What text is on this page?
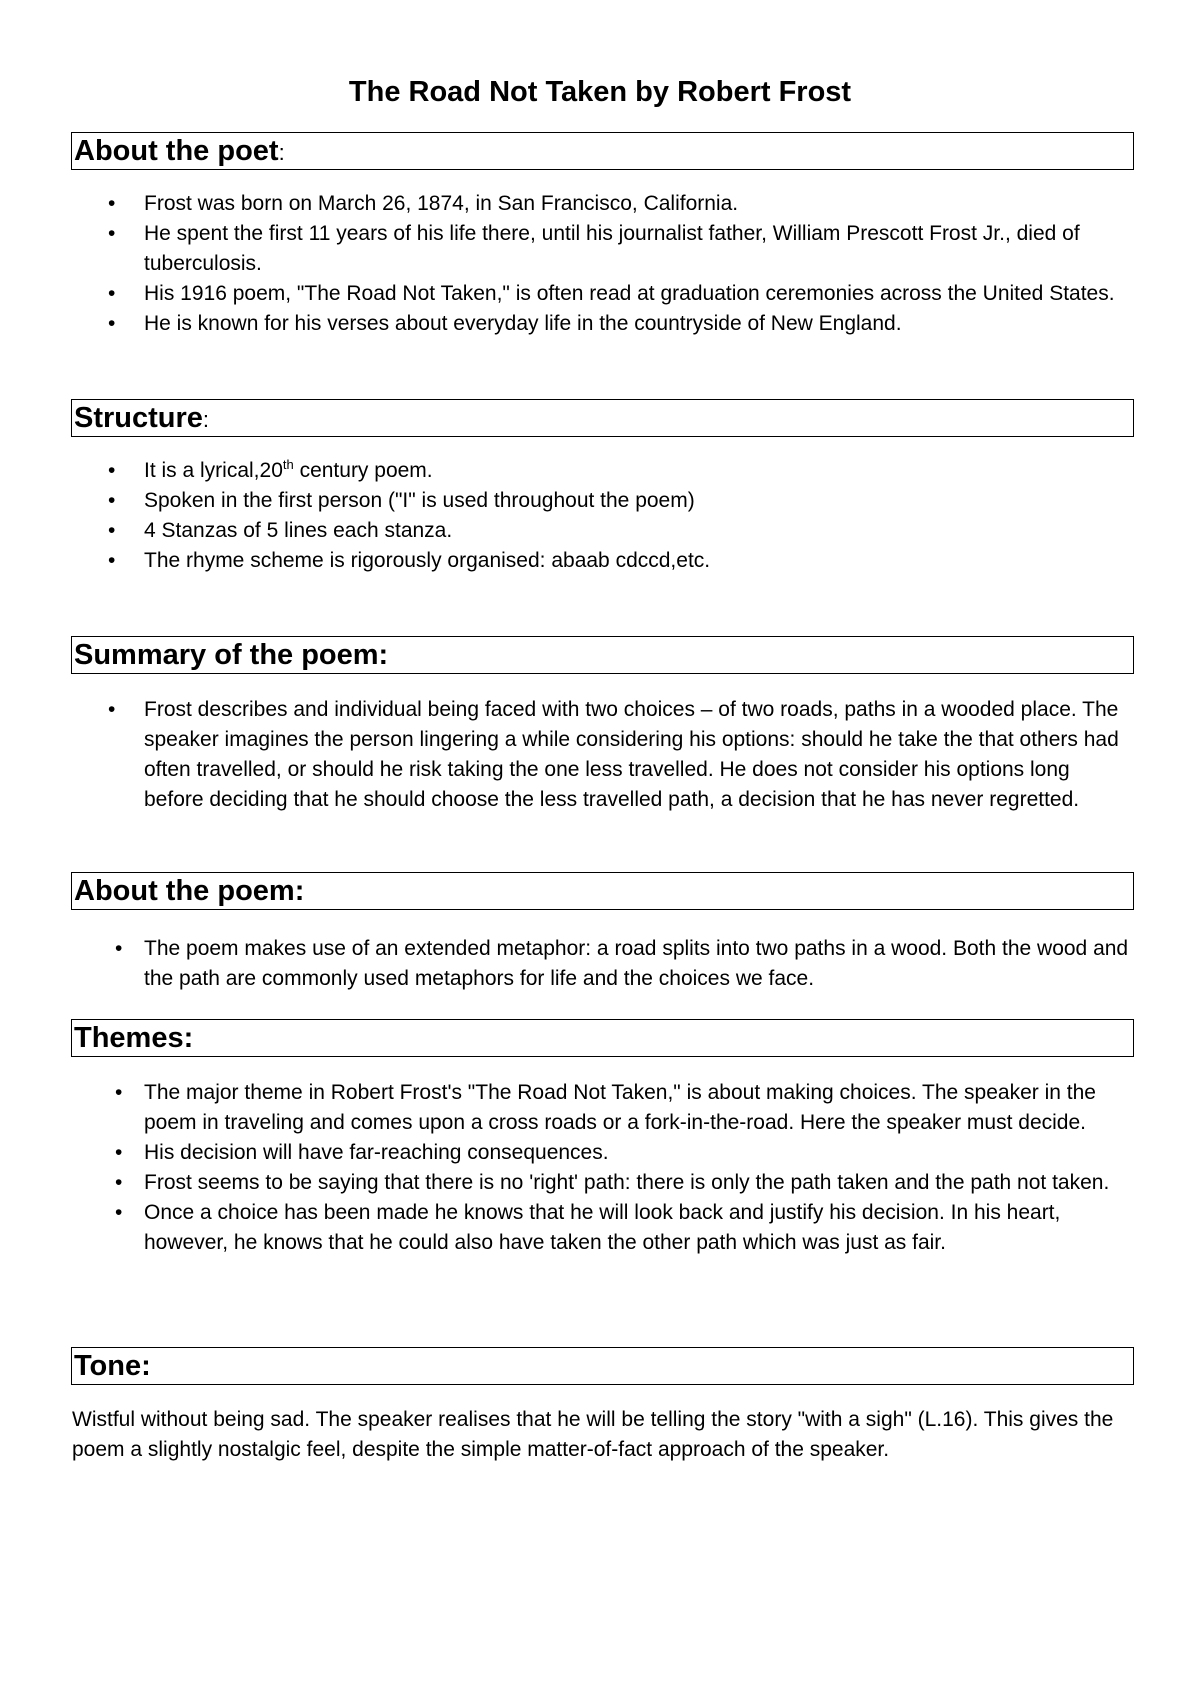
The Road Not Taken by Robert Frost
About the poet:
• Frost was born on March 26, 1874, in San Francisco, California.
• He spent the first 11 years of his life there, until his journalist father, William Prescott Frost Jr., died of tuberculosis.
• His 1916 poem, "The Road Not Taken," is often read at graduation ceremonies across the United States.
• He is known for his verses about everyday life in the countryside of New England.
Structure:
• It is a lyrical,20th century poem.
• Spoken in the first person ("I" is used throughout the poem)
• 4 Stanzas of 5 lines each stanza.
• The rhyme scheme is rigorously organised: abaab cdccd,etc.
Summary of the poem:
• Frost describes and individual being faced with two choices – of two roads, paths in a wooded place. The speaker imagines the person lingering a while considering his options: should he take the that others had often travelled, or should he risk taking the one less travelled. He does not consider his options long before deciding that he should choose the less travelled path, a decision that he has never regretted.
About the poem:
• The poem makes use of an extended metaphor: a road splits into two paths in a wood. Both the wood and the path are commonly used metaphors for life and the choices we face.
Themes:
• The major theme in Robert Frost's "The Road Not Taken," is about making choices. The speaker in the poem in traveling and comes upon a cross roads or a fork-in-the-road. Here the speaker must decide.
• His decision will have far-reaching consequences.
• Frost seems to be saying that there is no 'right' path: there is only the path taken and the path not taken.
• Once a choice has been made he knows that he will look back and justify his decision. In his heart, however, he knows that he could also have taken the other path which was just as fair.
Tone:
Wistful without being sad. The speaker realises that he will be telling the story "with a sigh" (L.16). This gives the poem a slightly nostalgic feel, despite the simple matter-of-fact approach of the speaker.
